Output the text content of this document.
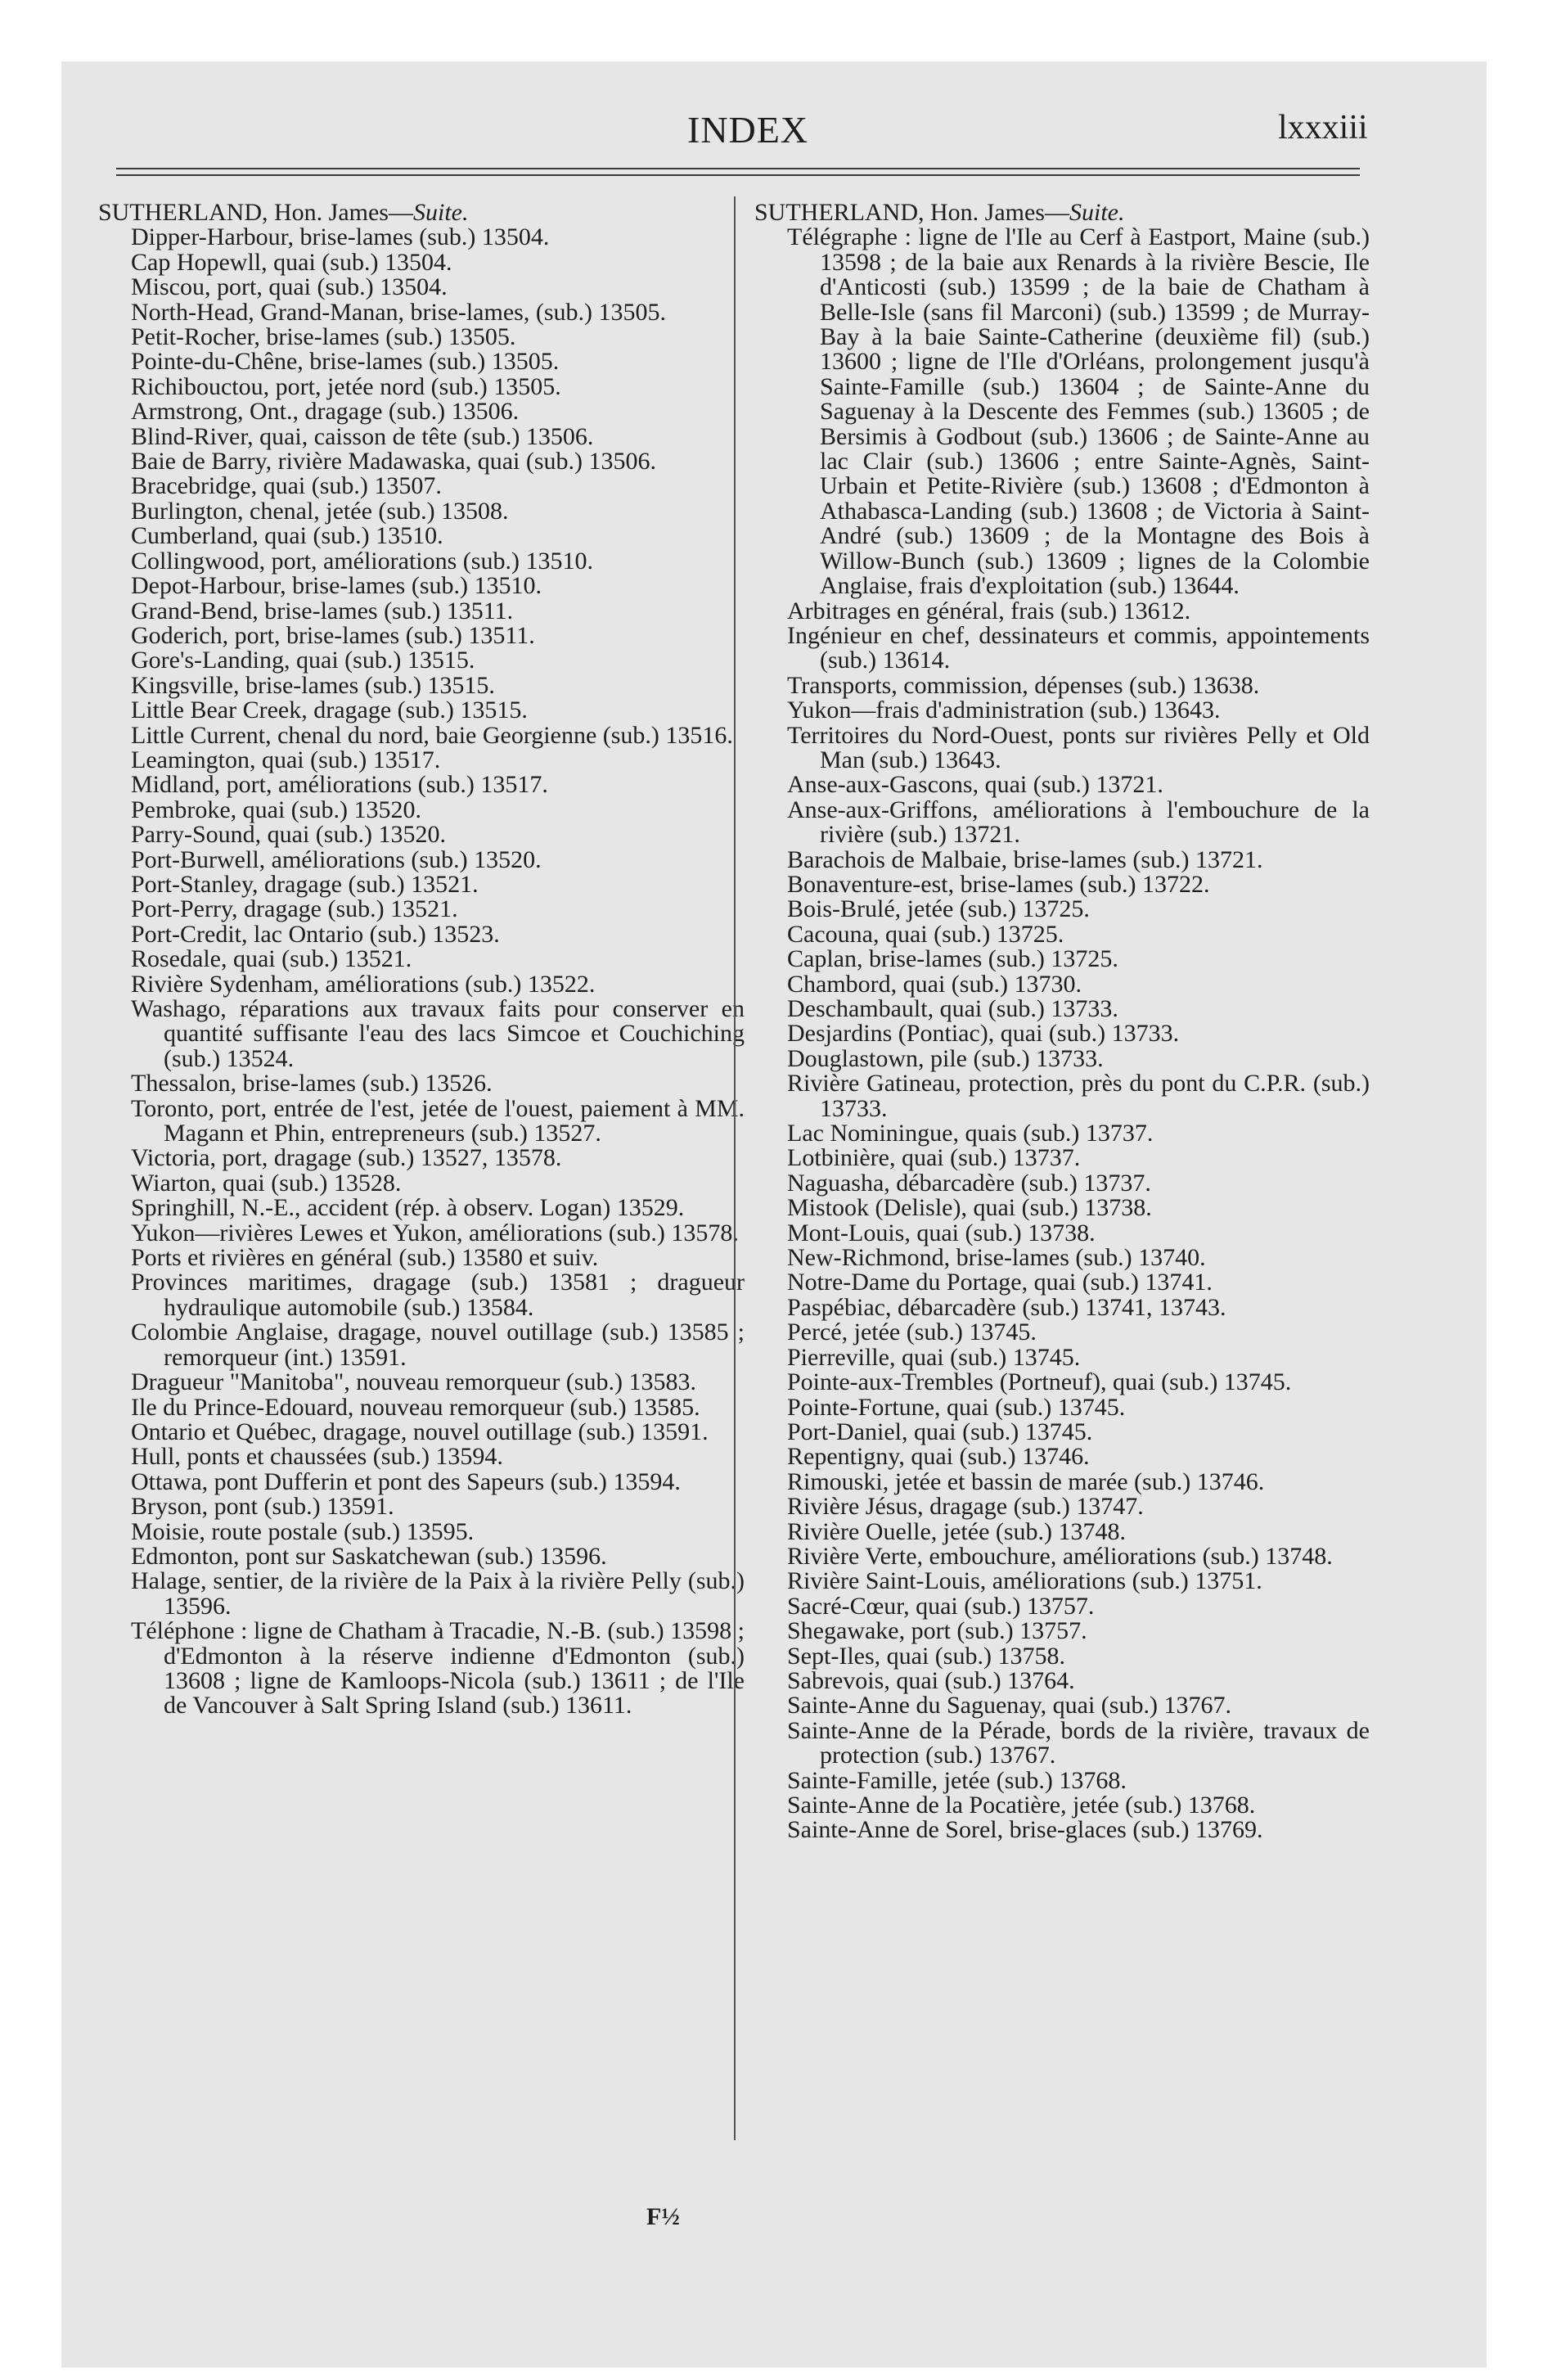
INDEX	lxxxiii

SUTHERLAND, Hon. James—Suite.

Dipper-Harbour, brise-lames (sub.) 13504.

Cap Hopewll, quai (sub.) 13504.

Miscou, port, quai (sub.) 13504.

North-Head, Grand-Manan, brise-lames, (sub.) 13505.

Petit-Rocher, brise-lames (sub.) 13505.

Pointe-du-Chêne, brise-lames (sub.) 13505.

Richibouctou, port, jetée nord (sub.) 13505.

Armstrong, Ont., dragage (sub.) 13506.

Blind-River, quai, caisson de tête (sub.) 13506.

Baie de Barry, rivière Madawaska, quai (sub.) 13506.

Bracebridge, quai (sub.) 13507.

Burlington, chenal, jetée (sub.) 13508.

Cumberland, quai (sub.) 13510.

Collingwood, port, améliorations (sub.) 13510.

Depot-Harbour, brise-lames (sub.) 13510.

Grand-Bend, brise-lames (sub.) 13511.

Goderich, port, brise-lames (sub.) 13511.

Gore's-Landing, quai (sub.) 13515.

Kingsville, brise-lames (sub.) 13515.

Little Bear Creek, dragage (sub.) 13515.

Little Current, chenal du nord, baie Georgienne (sub.) 13516.

Leamington, quai (sub.) 13517.

Midland, port, améliorations (sub.) 13517.

Pembroke, quai (sub.) 13520.

Parry-Sound, quai (sub.) 13520.

Port-Burwell, améliorations (sub.) 13520.

Port-Stanley, dragage (sub.) 13521.

Port-Perry, dragage (sub.) 13521.

Port-Credit, lac Ontario (sub.) 13523.

Rosedale, quai (sub.) 13521.

Rivière Sydenham, améliorations (sub.) 13522.

Washago, réparations aux travaux faits pour conserver en quantité suffisante l'eau des lacs Simcoe et Couchiching (sub.) 13524.

Thessalon, brise-lames (sub.) 13526.

Toronto, port, entrée de l'est, jetée de l'ouest, paiement à MM. Magann et Phin, entrepreneurs (sub.) 13527.

Victoria, port, dragage (sub.) 13527, 13578.

Wiarton, quai (sub.) 13528.

Springhill, N.-E., accident (rép. à observ. Logan) 13529.

Yukon—rivières Lewes et Yukon, améliorations (sub.) 13578.

Ports et rivières en général (sub.) 13580 et suiv.

Provinces maritimes, dragage (sub.) 13581 ; dragueur hydraulique automobile (sub.) 13584.

Colombie Anglaise, dragage, nouvel outillage (sub.) 13585 ; remorqueur (int.) 13591.

Dragueur "Manitoba", nouveau remorqueur (sub.) 13583.

Ile du Prince-Edouard, nouveau remorqueur (sub.) 13585.

Ontario et Québec, dragage, nouvel outillage (sub.) 13591.

Hull, ponts et chaussées (sub.) 13594.

Ottawa, pont Dufferin et pont des Sapeurs (sub.) 13594.

Bryson, pont (sub.) 13591.

Moisie, route postale (sub.) 13595.

Edmonton, pont sur Saskatchewan (sub.) 13596.

Halage, sentier, de la rivière de la Paix à la rivière Pelly (sub.) 13596.

Téléphone : ligne de Chatham à Tracadie, N.-B. (sub.) 13598 ; d'Edmonton à la réserve indienne d'Edmonton (sub.) 13608 ; ligne de Kamloops-Nicola (sub.) 13611 ; de l'Ile de Vancouver à Salt Spring Island (sub.) 13611.

SUTHERLAND, Hon. James—Suite.

Télégraphe : ligne de l'Ile au Cerf à Eastport, Maine (sub.) 13598 ; de la baie aux Renards à la rivière Bescie, Ile d'Anticosti (sub.) 13599 ; de la baie de Chatham à Belle-Isle (sans fil Marconi) (sub.) 13599 ; de Murray-Bay à la baie Sainte-Catherine (deuxième fil) (sub.) 13600 ; ligne de l'Ile d'Orléans, prolongement jusqu'à Sainte-Famille (sub.) 13604 ; de Sainte-Anne du Saguenay à la Descente des Femmes (sub.) 13605 ; de Bersimis à Godbout (sub.) 13606 ; de Sainte-Anne au lac Clair (sub.) 13606 ; entre Sainte-Agnès, Saint-Urbain et Petite-Rivière (sub.) 13608 ; d'Edmonton à Athabasca-Landing (sub.) 13608 ; de Victoria à Saint-André (sub.) 13609 ; de la Montagne des Bois à Willow-Bunch (sub.) 13609 ; lignes de la Colombie Anglaise, frais d'exploitation (sub.) 13644.

Arbitrages en général, frais (sub.) 13612.

Ingénieur en chef, dessinateurs et commis, appointements (sub.) 13614.

Transports, commission, dépenses (sub.) 13638.

Yukon—frais d'administration (sub.) 13643.

Territoires du Nord-Ouest, ponts sur rivières Pelly et Old Man (sub.) 13643.

Anse-aux-Gascons, quai (sub.) 13721.

Anse-aux-Griffons, améliorations à l'embouchure de la rivière (sub.) 13721.

Barachois de Malbaie, brise-lames (sub.) 13721.

Bonaventure-est, brise-lames (sub.) 13722.

Bois-Brulé, jetée (sub.) 13725.

Cacouna, quai (sub.) 13725.

Caplan, brise-lames (sub.) 13725.

Chambord, quai (sub.) 13730.

Deschambault, quai (sub.) 13733.

Desjardins (Pontiac), quai (sub.) 13733.

Douglastown, pile (sub.) 13733.

Rivière Gatineau, protection, près du pont du C.P.R. (sub.) 13733.

Lac Nominingue, quais (sub.) 13737.

Lotbinière, quai (sub.) 13737.

Naguasha, débarcadère (sub.) 13737.

Mistook (Delisle), quai (sub.) 13738.

Mont-Louis, quai (sub.) 13738.

New-Richmond, brise-lames (sub.) 13740.

Notre-Dame du Portage, quai (sub.) 13741.

Paspébiac, débarcadère (sub.) 13741, 13743.

Percé, jetée (sub.) 13745.

Pierreville, quai (sub.) 13745.

Pointe-aux-Trembles (Portneuf), quai (sub.) 13745.

Pointe-Fortune, quai (sub.) 13745.

Port-Daniel, quai (sub.) 13745.

Repentigny, quai (sub.) 13746.

Rimouski, jetée et bassin de marée (sub.) 13746.

Rivière Jésus, dragage (sub.) 13747.

Rivière Ouelle, jetée (sub.) 13748.

Rivière Verte, embouchure, améliorations (sub.) 13748.

Rivière Saint-Louis, améliorations (sub.) 13751.

Sacré-Cœur, quai (sub.) 13757.

Shegawake, port (sub.) 13757.

Sept-Iles, quai (sub.) 13758.

Sabrevois, quai (sub.) 13764.

Sainte-Anne du Saguenay, quai (sub.) 13767.

Sainte-Anne de la Pérade, bords de la rivière, travaux de protection (sub.) 13767.

Sainte-Famille, jetée (sub.) 13768.

Sainte-Anne de la Pocatière, jetée (sub.) 13768.

Sainte-Anne de Sorel, brise-glaces (sub.) 13769.

F½
